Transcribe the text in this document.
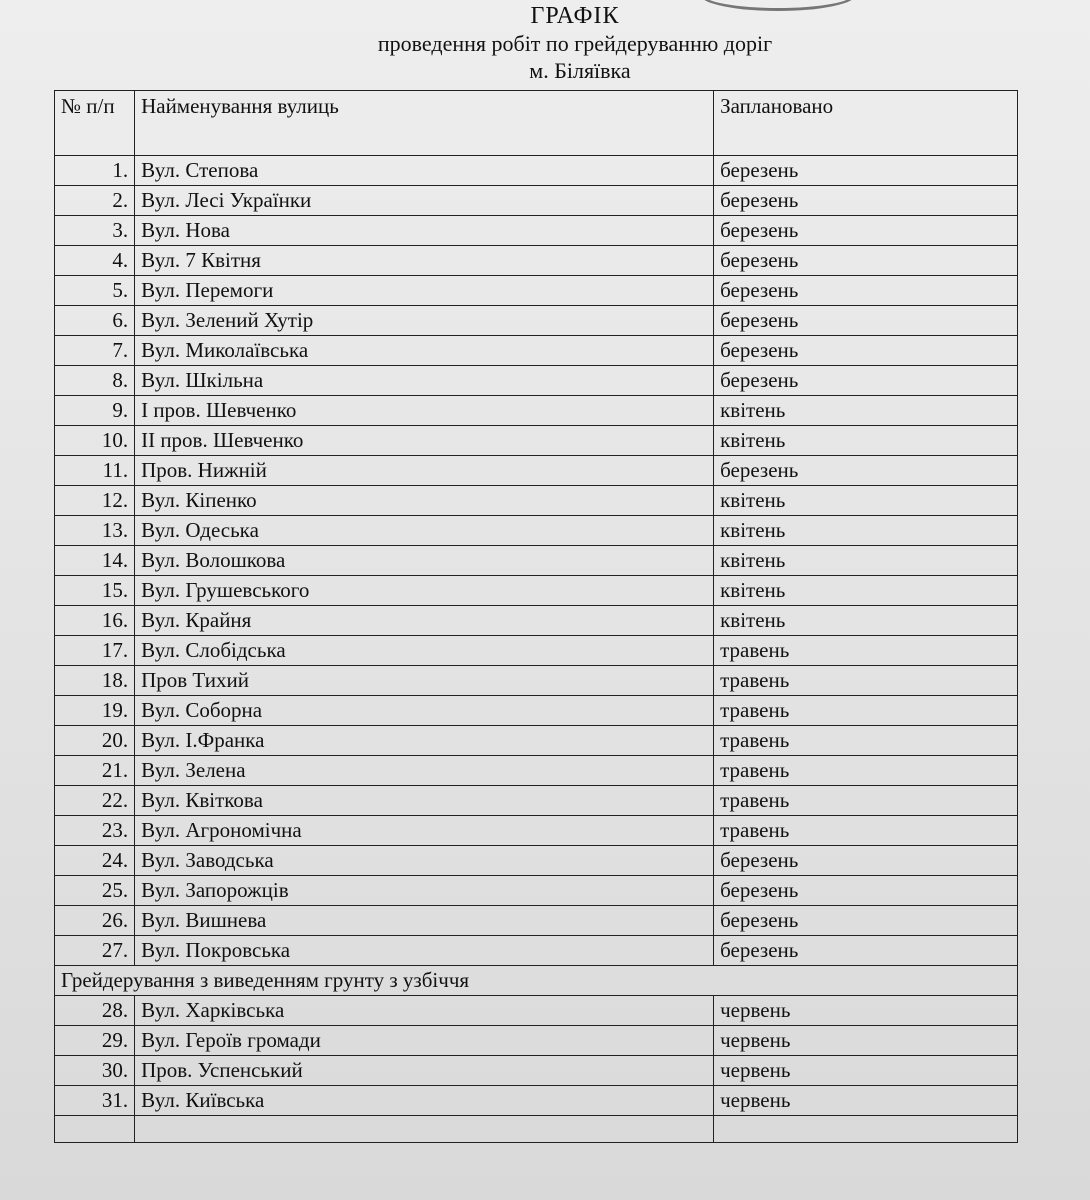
ГРАФІК
проведення робіт по грейдеруванню доріг
м. Біляївка
№ п/п	Найменування вулиць	Заплановано
1.	Вул. Степова	березень
2.	Вул. Лесі Українки	березень
3.	Вул. Нова	березень
4.	Вул. 7 Квітня	березень
5.	Вул. Перемоги	березень
6.	Вул. Зелений Хутір	березень
7.	Вул. Миколаївська	березень
8.	Вул. Шкільна	березень
9.	І пров. Шевченко	квітень
10.	ІІ пров. Шевченко	квітень
11.	Пров. Нижній	березень
12.	Вул. Кіпенко	квітень
13.	Вул. Одеська	квітень
14.	Вул. Волошкова	квітень
15.	Вул. Грушевського	квітень
16.	Вул. Крайня	квітень
17.	Вул. Слобідська	травень
18.	Пров Тихий	травень
19.	Вул. Соборна	травень
20.	Вул. І.Франка	травень
21.	Вул. Зелена	травень
22.	Вул. Квіткова	травень
23.	Вул. Агрономічна	травень
24.	Вул. Заводська	березень
25.	Вул. Запорожців	березень
26.	Вул. Вишнева	березень
27.	Вул. Покровська	березень
Грейдерування з виведенням грунту з узбіччя		
28.	Вул. Харківська	червень
29.	Вул. Героїв громади	червень
30.	Пров. Успенський	червень
31.	Вул. Київська	червень
